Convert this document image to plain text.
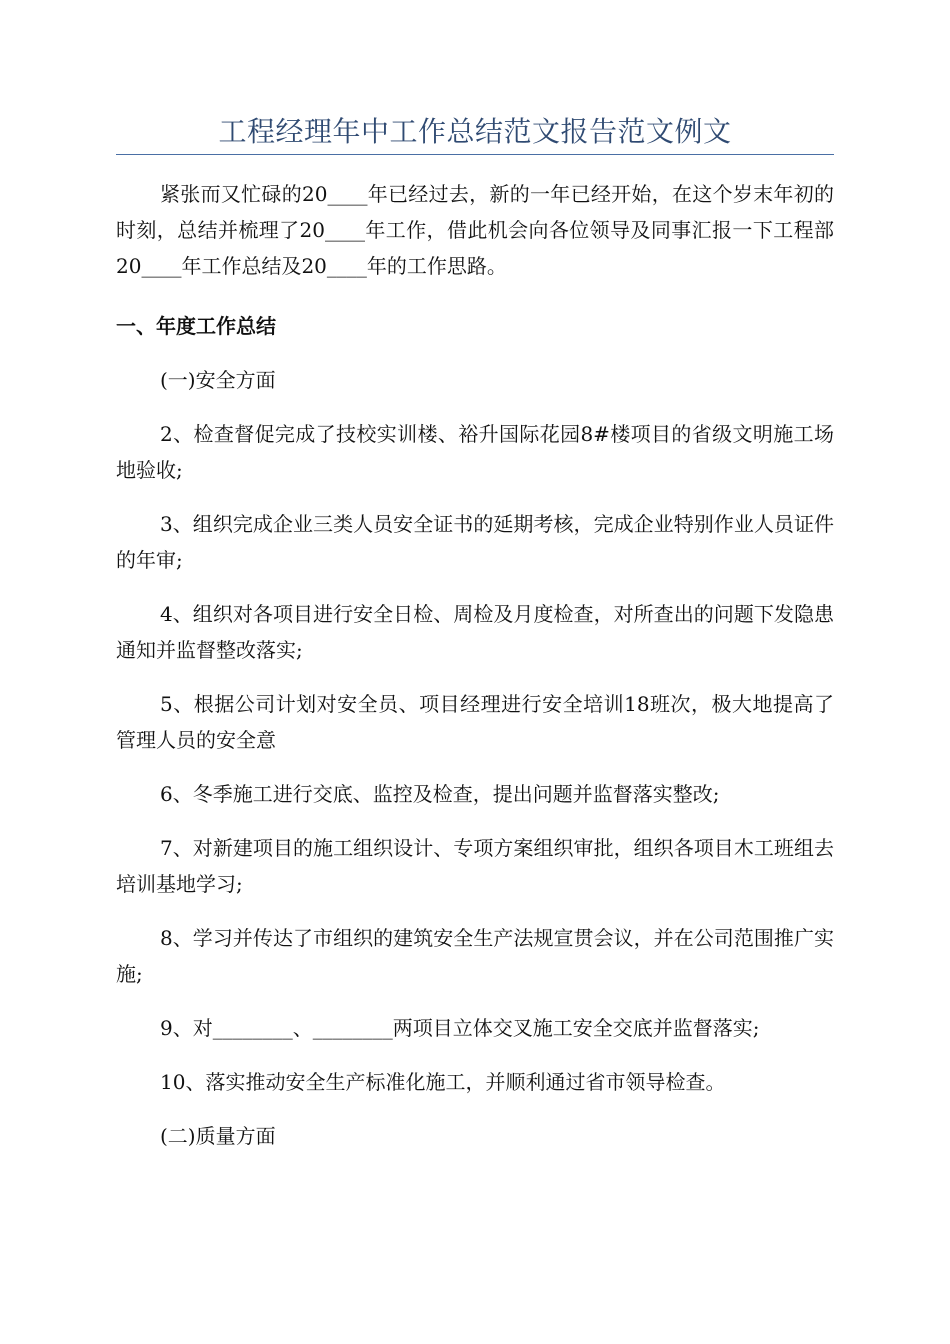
工程经理年中工作总结范文报告范文例文

紧张而又忙碌的20____年已经过去，新的一年已经开始，在这个岁末年初的时刻，总结并梳理了20____年工作，借此机会向各位领导及同事汇报一下工程部20____年工作总结及20____年的工作思路。

一、年度工作总结

(一)安全方面

2、检查督促完成了技校实训楼、裕升国际花园8#楼项目的省级文明施工场地验收;

3、组织完成企业三类人员安全证书的延期考核，完成企业特别作业人员证件的年审;

4、组织对各项目进行安全日检、周检及月度检查，对所查出的问题下发隐患通知并监督整改落实;

5、根据公司计划对安全员、项目经理进行安全培训18班次，极大地提高了管理人员的安全意

6、冬季施工进行交底、监控及检查，提出问题并监督落实整改;

7、对新建项目的施工组织设计、专项方案组织审批，组织各项目木工班组去培训基地学习;

8、学习并传达了市组织的建筑安全生产法规宣贯会议，并在公司范围推广实施;

9、对________、________两项目立体交叉施工安全交底并监督落实;

10、落实推动安全生产标准化施工，并顺利通过省市领导检查。

(二)质量方面
